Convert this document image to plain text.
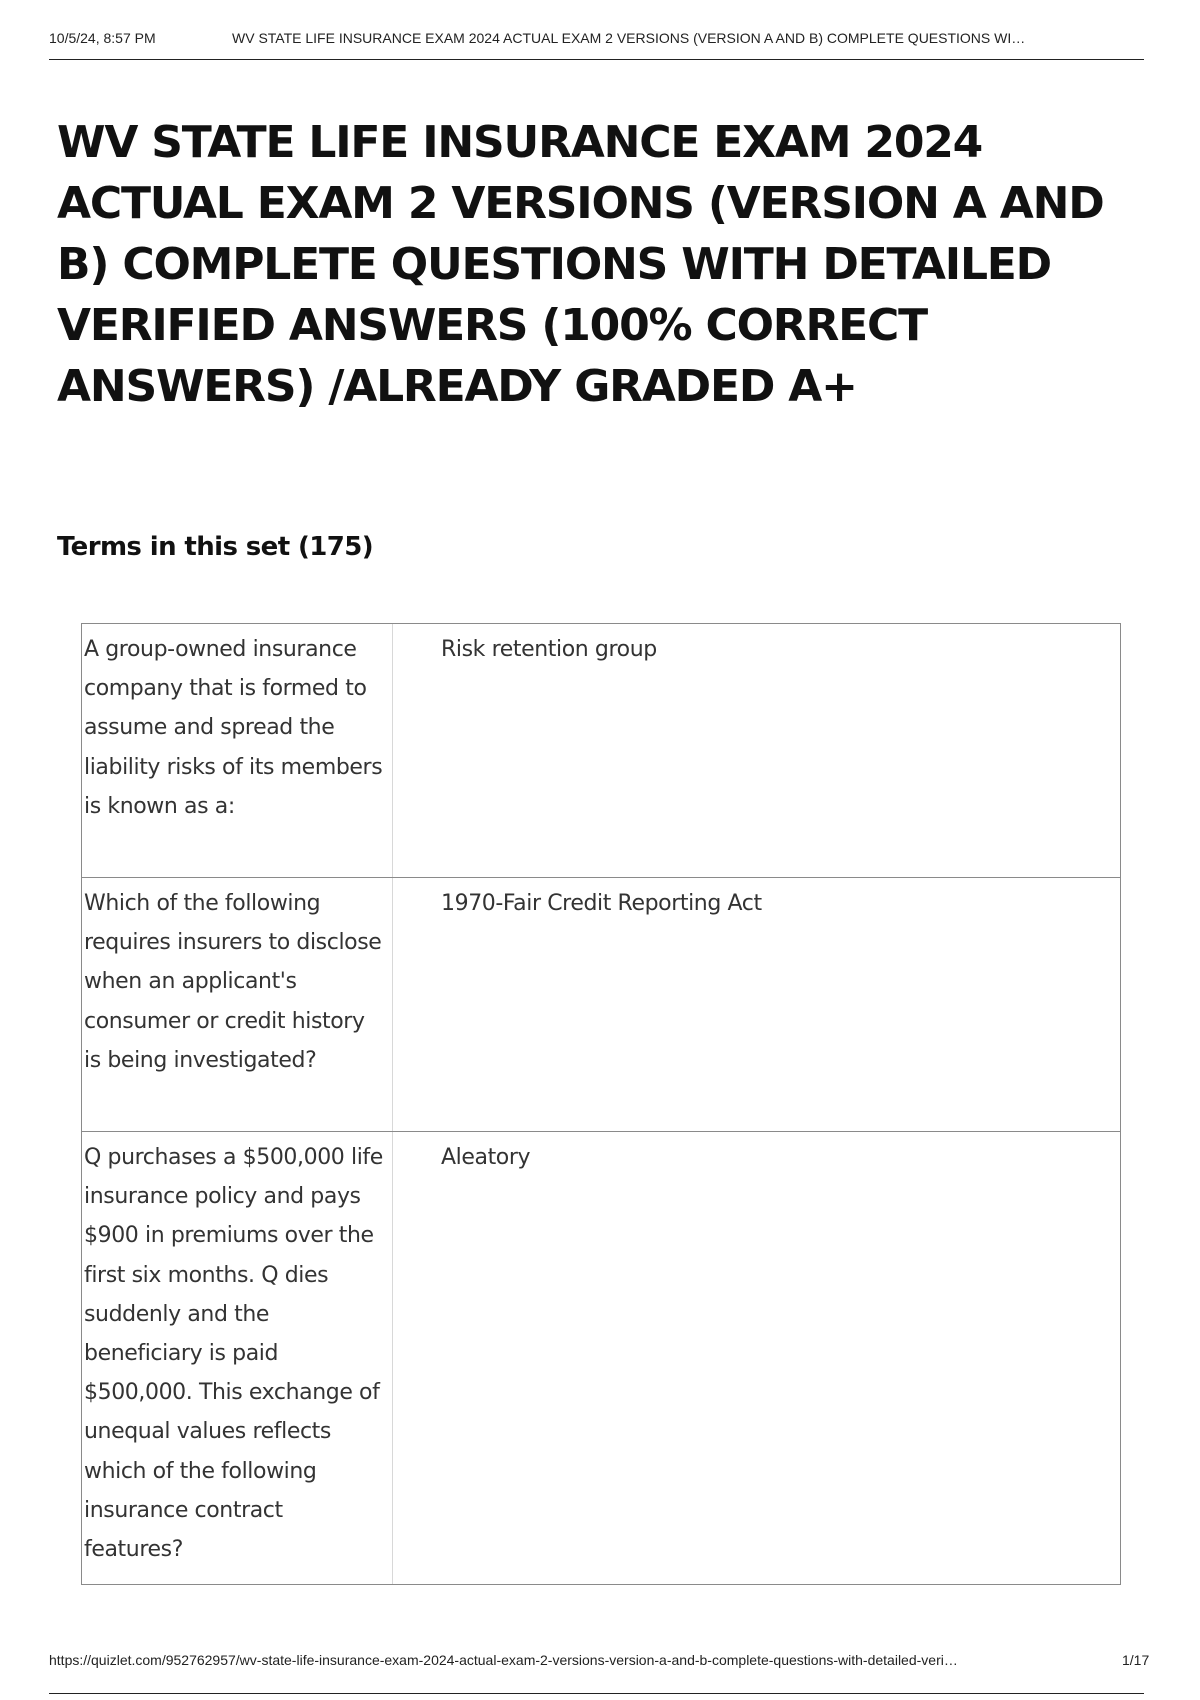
10/5/24, 8:57 PM	WV STATE LIFE INSURANCE EXAM 2024 ACTUAL EXAM 2 VERSIONS (VERSION A AND B) COMPLETE QUESTIONS WI…
WV STATE LIFE INSURANCE EXAM 2024 ACTUAL EXAM 2 VERSIONS (VERSION A AND B) COMPLETE QUESTIONS WITH DETAILED VERIFIED ANSWERS (100% CORRECT ANSWERS) /ALREADY GRADED A+
Terms in this set (175)
A group-owned insurance company that is formed to assume and spread the liability risks of its members is known as a:
Risk retention group
Which of the following requires insurers to disclose when an applicant's consumer or credit history is being investigated?
1970-Fair Credit Reporting Act
Q purchases a $500,000 life insurance policy and pays $900 in premiums over the first six months. Q dies suddenly and the beneficiary is paid $500,000. This exchange of unequal values reflects which of the following insurance contract features?
Aleatory
https://quizlet.com/952762957/wv-state-life-insurance-exam-2024-actual-exam-2-versions-version-a-and-b-complete-questions-with-detailed-veri…	1/17
